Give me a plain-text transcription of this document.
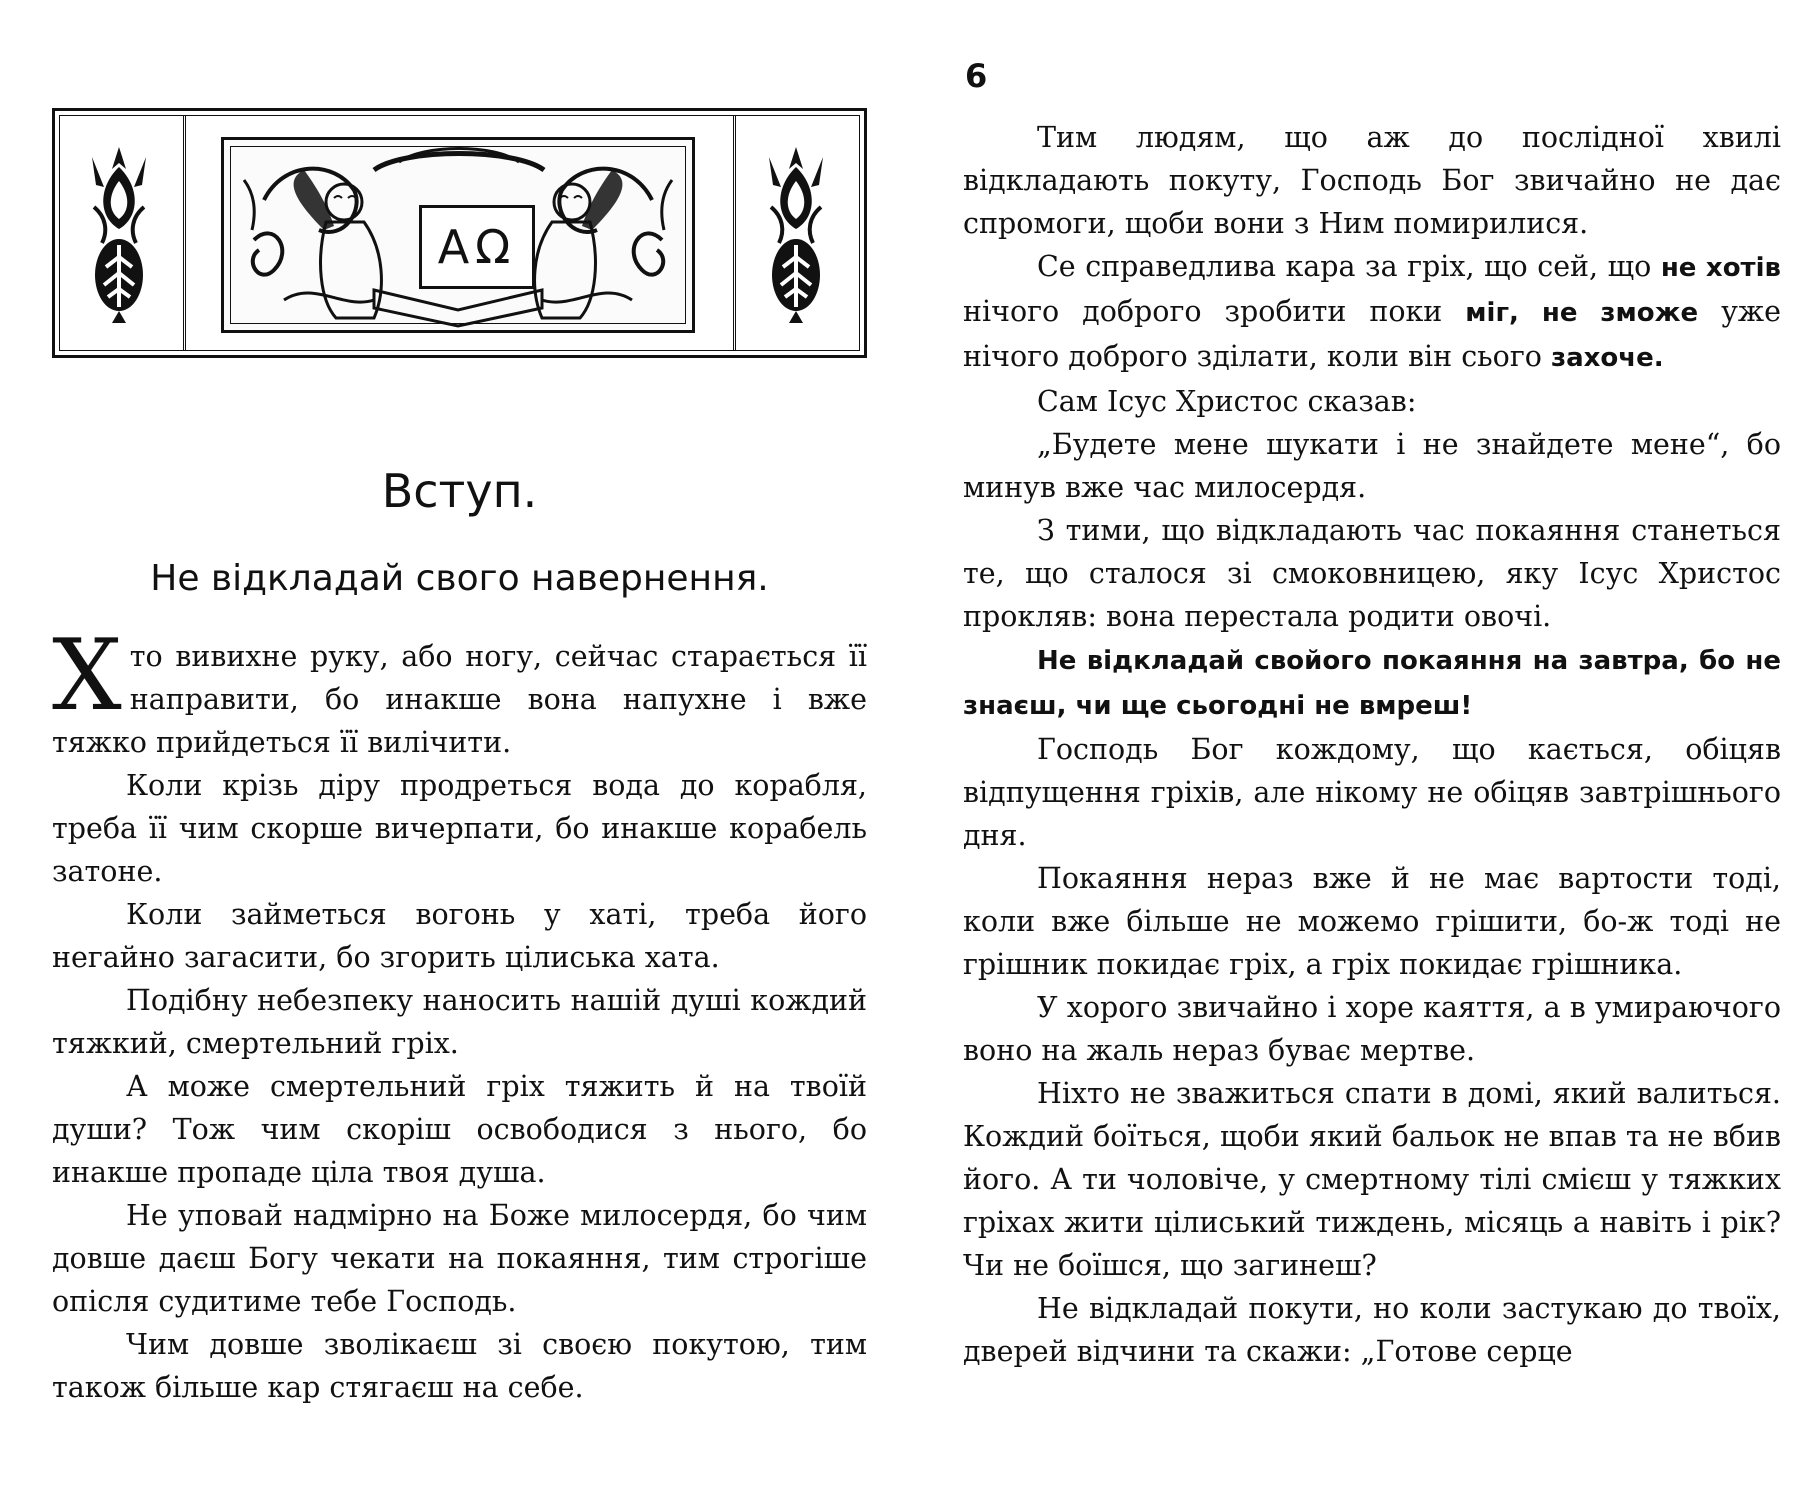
AΩ
Вступ.
Не відкладай свого навернення.

Хто вивихне руку, або ногу, сейчас старається її направити, бо инакше вона напухне і вже тяжко прийдеться її вилічити.

Коли крізь діру продреться вода до корабля, треба її чим скорше вичерпати, бо инакше корабель затоне.

Коли займеться вогонь у хаті, треба його негайно загасити, бо згорить цілиська хата.

Подібну небезпеку наносить нашій душі кождий тяжкий, смертельний гріх.

А може смертельний гріх тяжить й на твоїй души? Тож чим скоріш освободися з нього, бо инакше пропаде ціла твоя душа.

Не уповай надмірно на Боже милосердя, бо чим довше даєш Богу чекати на покаяння, тим строгіше опісля судитиме тебе Господь.

Чим довше зволікаєш зі своєю покутою, тим також більше кар стягаєш на себе.

6

Тим людям, що аж до послідної хвилі відкладають покуту, Господь Бог звичайно не дає спромоги, щоби вони з Ним помирилися.

Се справедлива кара за гріх, що сей, що не хотів нічого доброго зробити поки міг, не зможе уже нічого доброго зділати, коли він сього захоче.

Сам Ісус Христос сказав:

„Будете мене шукати і не знайдете мене“, бо минув вже час милосердя.

З тими, що відкладають час покаяння станеться те, що сталося зі смоковницею, яку Ісус Христос прокляв: вона перестала родити овочі.

Не відкладай свойого покаяння на завтра, бо не знаєш, чи ще сьогодні не вмреш!

Господь Бог кождому, що кається, обіцяв відпущення гріхів, але нікому не обіцяв завтрішнього дня.

Покаяння нераз вже й не має вартости тоді, коли вже більше не можемо грішити, бо-ж тоді не грішник покидає гріх, а гріх покидає грішника.

У хорого звичайно і хоре каяття, а в умираючого воно на жаль нераз буває мертве.

Ніхто не зважиться спати в домі, який валиться. Кождий боїться, щоби який бальок не впав та не вбив його. А ти чоловіче, у смертному тілі смієш у тяжких гріхах жити цілиський тиждень, місяць а навіть і рік? Чи не боїшся, що загинеш?

Не відкладай покути, но коли застукаю до твоїх, дверей відчини та скажи: „Готове серце
